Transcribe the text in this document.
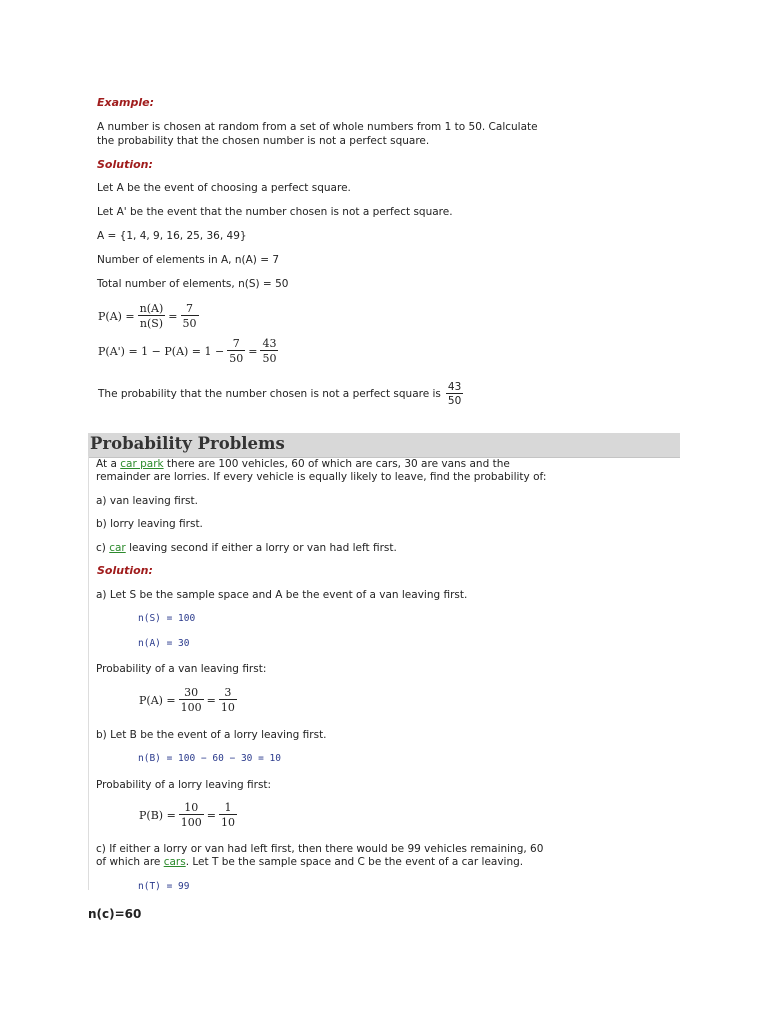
Example:
A number is chosen at random from a set of whole numbers from 1 to 50. Calculate
the probability that the chosen number is not a perfect square.
Solution:
Let A be the event of choosing a perfect square.
Let A' be the event that the number chosen is not a perfect square.
A = {1, 4, 9, 16, 25, 36, 49}
Number of elements in A, n(A) = 7
Total number of elements, n(S) = 50
$P(A) = \frac{n(A)}{n(S)} = \frac{7}{50}$
$P(A') = 1 - P(A) = 1 - \frac{7}{50} = \frac{43}{50}$
The probability that the number chosen is not a perfect square is $\frac{43}{50}$
Probability Problems
At a car park there are 100 vehicles, 60 of which are cars, 30 are vans and the
remainder are lorries. If every vehicle is equally likely to leave, find the probability of:
a) van leaving first.
b) lorry leaving first.
c) car leaving second if either a lorry or van had left first.
Solution:
a) Let S be the sample space and A be the event of a van leaving first.
n(S) = 100
n(A) = 30
Probability of a van leaving first:
$P(A) = \frac{30}{100} = \frac{3}{10}$
b) Let B be the event of a lorry leaving first.
n(B) = 100 − 60 − 30 = 10
Probability of a lorry leaving first:
$P(B) = \frac{10}{100} = \frac{1}{10}$
c) If either a lorry or van had left first, then there would be 99 vehicles remaining, 60
of which are cars. Let T be the sample space and C be the event of a car leaving.
n(T) = 99
n(c)=60
